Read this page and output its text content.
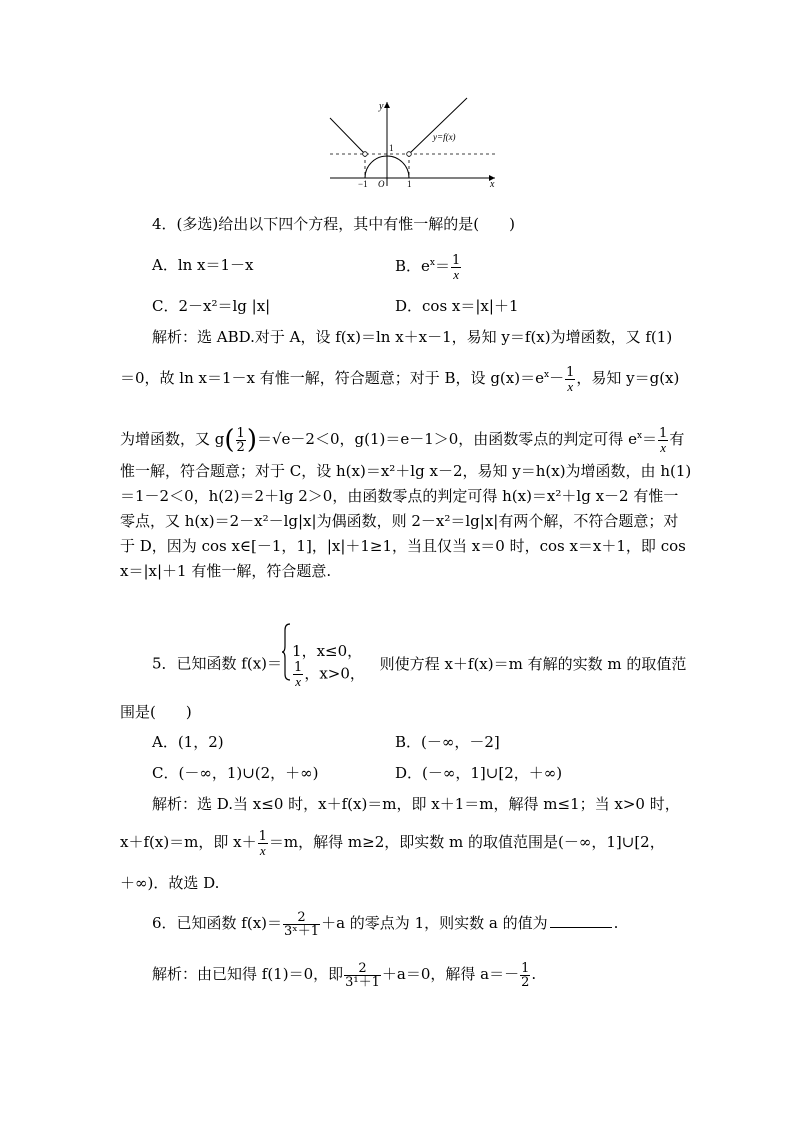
y
x
y=f(x)
−1 O	1
1
4．(多选)给出以下四个方程，其中有惟一解的是(　　)
A．ln x＝1－x	B．$e^x= \frac{1}{x}$
C．2－x²＝lg |x|	D．cos x＝|x|＋1
解析：选 ABD.对于 A，设 f(x)＝ln x＋x－1，易知 y＝f(x)为增函数，又 f(1)
＝0，故 ln x＝1－x 有惟一解，符合题意；对于 B，设 $g(x)=e^x- \frac{1}{x}$ ，易知 y＝g(x)
为增函数，又 $g( \frac{1}{2} )=√e-2<0$，g(1)＝e－1＞0，由函数零点的判定可得 $e^x= \frac{1}{x}$ 有
惟一解，符合题意；对于 C，设 h(x)＝x²＋lg x－2，易知 y＝h(x)为增函数，由 h(1)
＝1－2＜0，h(2)＝2＋lg 2＞0，由函数零点的判定可得 h(x)＝x²＋lg x－2 有惟一
零点，又 h(x)＝2－x²－lg|x|为偶函数，则 2－x²＝lg|x|有两个解，不符合题意；对
于 D，因为 cos x∈[－1，1]，|x|＋1≥1，当且仅当 x＝0 时，cos x＝x＋1，即 cos
x＝|x|＋1 有惟一解，符合题意.
5．已知函数 f(x)＝
1，x≤0，
$\frac{1}{x}$ ，x>0，
则使方程 x＋f(x)＝m 有解的实数 m 的取值范
围是(　　)
A．(1，2)	B．(－∞，－2]
C．(－∞，1)∪(2，＋∞)	D．(－∞，1]∪[2，＋∞)
解析：选 D.当 x≤0 时，x＋f(x)＝m，即 x＋1＝m，解得 m≤1；当 x>0 时，
x＋f(x)＝m，即 $x+ \frac{1}{x} =m$，解得 m≥2，即实数 m 的取值范围是(－∞，1]∪[2，
＋∞)．故选 D.
6．已知函数 $f(x)= \frac{2}{\text{3ˣ＋1}} +a$ 的零点为 1，则实数 a 的值为	.
解析：由已知得 f(1)＝0，即 $\frac{2}{\text{3¹＋1}} +a=0$，解得 $a=- \frac{1}{2}$ .
